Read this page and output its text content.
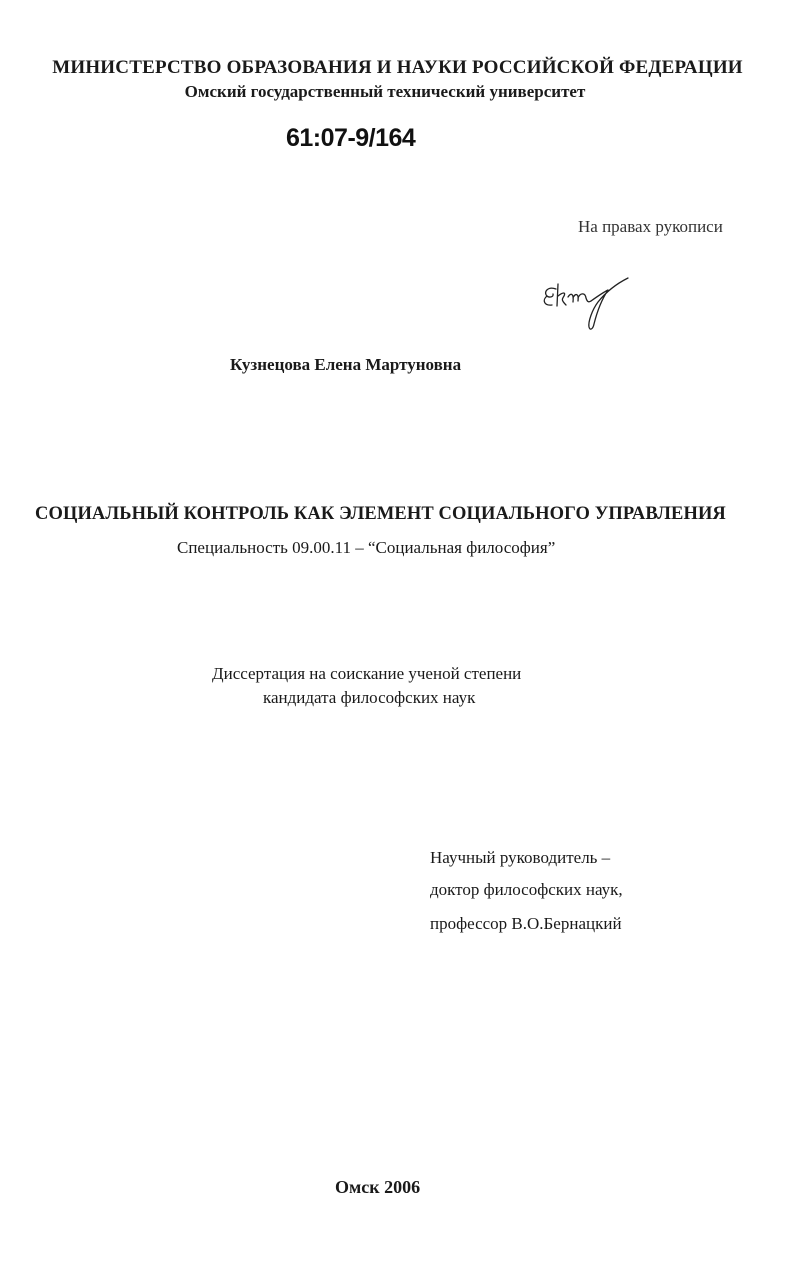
МИНИСТЕРСТВО ОБРАЗОВАНИЯ И НАУКИ РОССИЙСКОЙ ФЕДЕРАЦИИ
Омский государственный технический университет
61:07-9/164
На правах рукописи
Кузнецова Елена Мартуновна
СОЦИАЛЬНЫЙ КОНТРОЛЬ КАК ЭЛЕМЕНТ СОЦИАЛЬНОГО УПРАВЛЕНИЯ
Специальность 09.00.11 – “Социальная философия”
Диссертация на соискание ученой степени
кандидата философских наук
Научный руководитель –
доктор философских наук,
профессор В.О.Бернацкий
Омск 2006
